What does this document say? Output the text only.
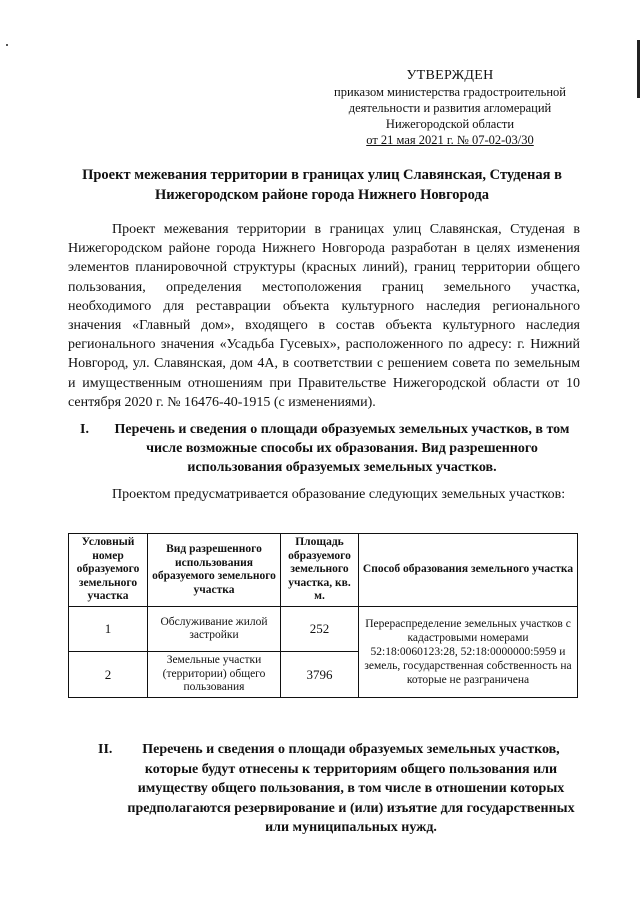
УТВЕРЖДЕН
приказом министерства градостроительной
деятельности и развития агломераций
Нижегородской области
от 21 мая 2021 г. № 07-02-03/30
Проект межевания территории в границах улиц Славянская, Студеная в Нижегородском районе города Нижнего Новгорода
Проект межевания территории в границах улиц Славянская, Студеная в Нижегородском районе города Нижнего Новгорода разработан в целях изменения элементов планировочной структуры (красных линий), границ территории общего пользования, определения местоположения границ земельного участка, необходимого для реставрации объекта культурного наследия регионального значения «Главный дом», входящего в состав объекта культурного наследия регионального значения «Усадьба Гусевых», расположенного по адресу: г. Нижний Новгород, ул. Славянская, дом 4А, в соответствии с решением совета по земельным и имущественным отношениям при Правительстве Нижегородской области от 10 сентября 2020 г. № 16476-40-1915 (с изменениями).
I.	Перечень и сведения о площади образуемых земельных участков, в том числе возможные способы их образования. Вид разрешенного использования образуемых земельных участков.
Проектом предусматривается образование следующих земельных участков:
Условный номер образуемого земельного участка	Вид разрешенного использования образуемого земельного участка	Площадь образуемого земельного участка, кв. м.	Способ образования земельного участка
1	Обслуживание жилой застройки	252	Перераспределение земельных участков с кадастровыми номерами 52:18:0060123:28, 52:18:0000000:5959 и земель, государственная собственность на которые не разграничена
2	Земельные участки (территории) общего пользования	3796	
II.	Перечень и сведения о площади образуемых земельных участков, которые будут отнесены к территориям общего пользования или имуществу общего пользования, в том числе в отношении которых предполагаются резервирование и (или) изъятие для государственных или муниципальных нужд.
